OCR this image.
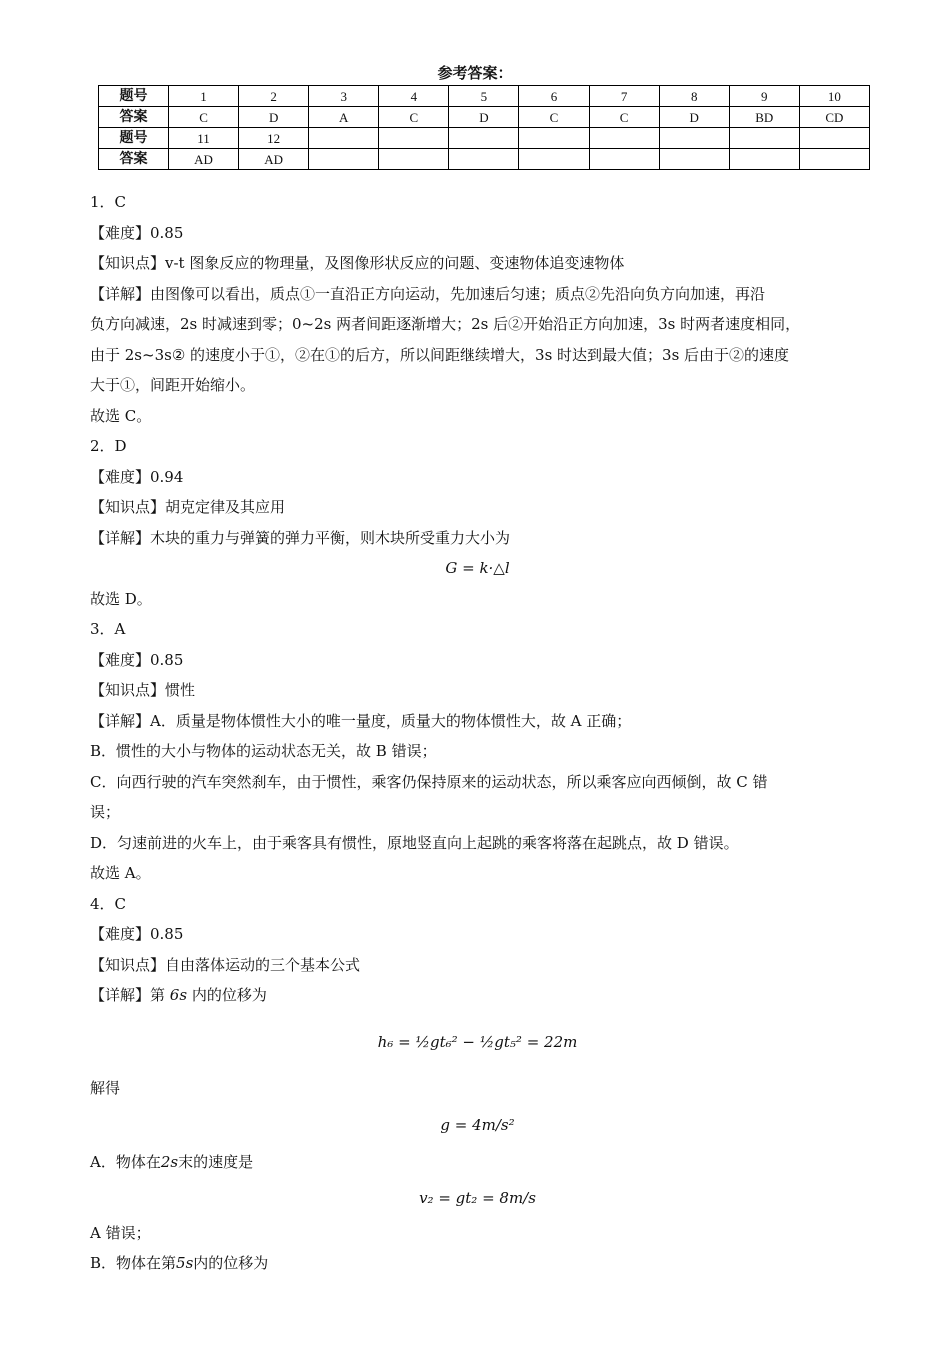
参考答案：
题号	1	2	3	4	5	6	7	8	9	10
答案	C	D	A	C	D	C	C	D	BD	CD
题号	11	12								
答案	AD	AD								

1．C

【难度】0.85

【知识点】v-t 图象反应的物理量，及图像形状反应的问题、变速物体追变速物体

【详解】由图像可以看出，质点①一直沿正方向运动，先加速后匀速；质点②先沿向负方向加速，再沿

负方向减速，2s 时减速到零；0~2s 两者间距逐渐增大；2s 后②开始沿正方向加速，3s 时两者速度相同，

由于 2s~3s② 的速度小于①，②在①的后方，所以间距继续增大，3s 时达到最大值；3s 后由于②的速度

大于①，间距开始缩小。

故选 C。

2．D

【难度】0.94

【知识点】胡克定律及其应用

【详解】木块的重力与弹簧的弹力平衡，则木块所受重力大小为

G = k·△l

故选 D。

3．A

【难度】0.85

【知识点】惯性

【详解】A．质量是物体惯性大小的唯一量度，质量大的物体惯性大，故 A 正确；

B．惯性的大小与物体的运动状态无关，故 B 错误；

C．向西行驶的汽车突然刹车，由于惯性，乘客仍保持原来的运动状态，所以乘客应向西倾倒，故 C 错

误；

D．匀速前进的火车上，由于乘客具有惯性，原地竖直向上起跳的乘客将落在起跳点，故 D 错误。

故选 A。

4．C

【难度】0.85

【知识点】自由落体运动的三个基本公式

【详解】第 6s 内的位移为

h₆ = ½gt₆² − ½gt₅² = 22m

解得

g = 4m/s²

A．物体在2s末的速度是

v₂ = gt₂ = 8m/s

A 错误；

B．物体在第5s内的位移为
